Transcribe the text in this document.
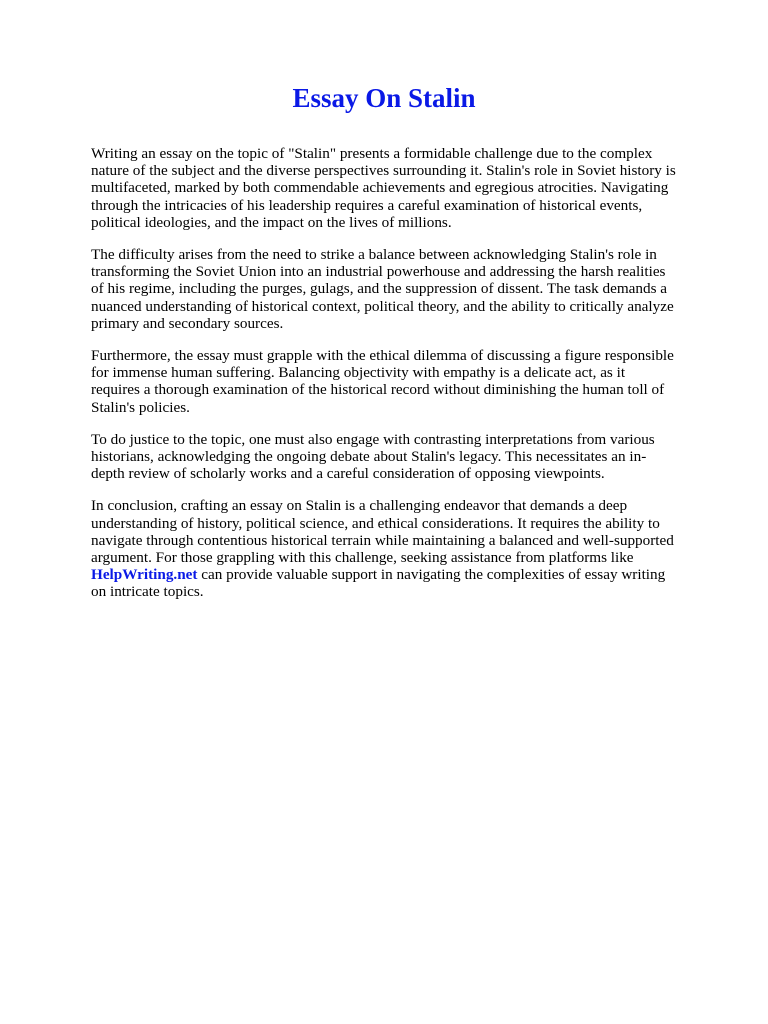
Essay On Stalin

Writing an essay on the topic of "Stalin" presents a formidable challenge due to the complex nature of the subject and the diverse perspectives surrounding it. Stalin's role in Soviet history is multifaceted, marked by both commendable achievements and egregious atrocities. Navigating through the intricacies of his leadership requires a careful examination of historical events, political ideologies, and the impact on the lives of millions.

The difficulty arises from the need to strike a balance between acknowledging Stalin's role in transforming the Soviet Union into an industrial powerhouse and addressing the harsh realities of his regime, including the purges, gulags, and the suppression of dissent. The task demands a nuanced understanding of historical context, political theory, and the ability to critically analyze primary and secondary sources.

Furthermore, the essay must grapple with the ethical dilemma of discussing a figure responsible for immense human suffering. Balancing objectivity with empathy is a delicate act, as it requires a thorough examination of the historical record without diminishing the human toll of Stalin's policies.

To do justice to the topic, one must also engage with contrasting interpretations from various historians, acknowledging the ongoing debate about Stalin's legacy. This necessitates an in-depth review of scholarly works and a careful consideration of opposing viewpoints.

In conclusion, crafting an essay on Stalin is a challenging endeavor that demands a deep understanding of history, political science, and ethical considerations. It requires the ability to navigate through contentious historical terrain while maintaining a balanced and well-supported argument. For those grappling with this challenge, seeking assistance from platforms like HelpWriting.net can provide valuable support in navigating the complexities of essay writing on intricate topics.
